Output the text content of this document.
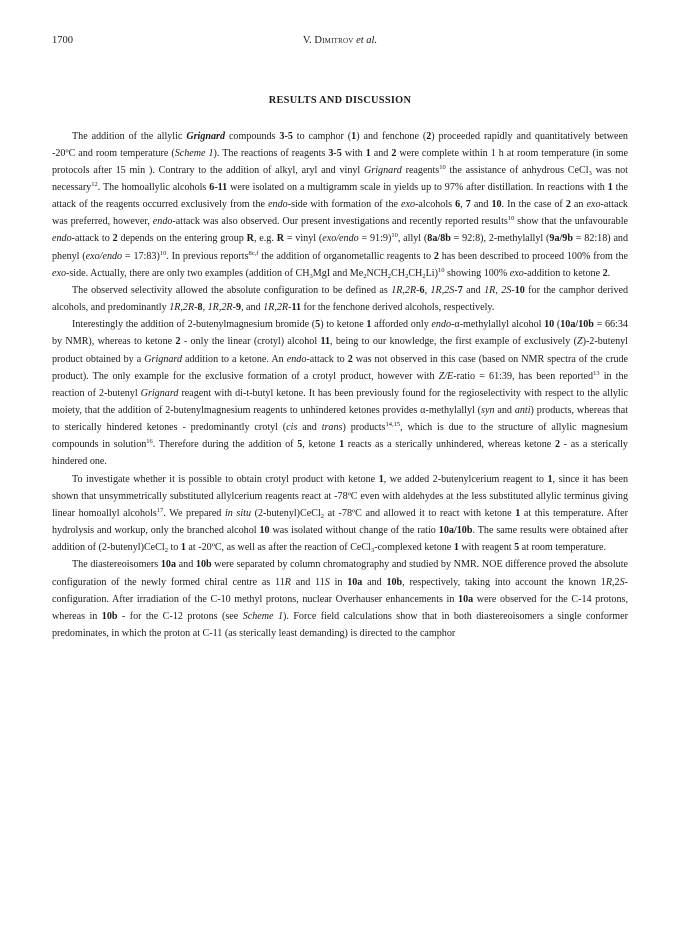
1700	V. Dimitrov et al.
RESULTS AND DISCUSSION

The addition of the allylic Grignard compounds 3-5 to camphor (1) and fenchone (2) proceeded rapidly and quantitatively between -20ºC and room temperature (Scheme 1). The reactions of reagents 3-5 with 1 and 2 were complete within 1 h at room temperature (in some protocols after 15 min ). Contrary to the addition of alkyl, aryl and vinyl Grignard reagents$^{10}$ the assistance of anhydrous CeCl$_3$ was not necessary$^{12}$. The homoallylic alcohols 6-11 were isolated on a multigramm scale in yields up to 97% after distillation. In reactions with 1 the attack of the reagents occurred exclusively from the endo-side with formation of the exo-alcohols 6, 7 and 10. In the case of 2 an exo-attack was preferred, however, endo-attack was also observed. Our present investigations and recently reported results$^{10}$ show that the unfavourable endo-attack to 2 depends on the entering group R, e.g. R = vinyl (exo/endo = 91:9)$^{10}$, allyl (8a/8b = 92:8), 2-methylallyl (9a/9b = 82:18) and phenyl (exo/endo = 17:83)$^{10}$. In previous reports$^{8c,f}$ the addition of organometallic reagents to 2 has been described to proceed 100% from the exo-side. Actually, there are only two examples (addition of $CH_3MgI$ and $Me_2NCH_2CH_2CH_2Li)^{10}$ showing 100% exo-addition to ketone 2.

The observed selectivity allowed the absolute configuration to be defined as 1R,2R-6, 1R,2S-7 and 1R, 2S-10 for the camphor derived alcohols, and predominantly 1R,2R-8, 1R,2R-9, and 1R,2R-11 for the fenchone derived alcohols, respectively.

Interestingly the addition of 2-butenylmagnesium bromide (5) to ketone 1 afforded only endo-α-methylallyl alcohol 10 (10a/10b = 66:34 by NMR), whereas to ketone 2 - only the linear (crotyl) alcohol 11, being to our knowledge, the first example of exclusively (Z)-2-butenyl product obtained by a Grignard addition to a ketone. An endo-attack to 2 was not observed in this case (based on NMR spectra of the crude product). The only example for the exclusive formation of a crotyl product, however with Z/E-ratio = 61:39, has been reported$^{13}$ in the reaction of 2-butenyl Grignard reagent with di-t-butyl ketone. It has been previously found for the regioselectivity with respect to the allylic moiety, that the addition of 2-butenylmagnesium reagents to unhindered ketones provides α-methylallyl (syn and anti) products, whereas that to sterically hindered ketones - predominantly crotyl (cis and trans) products$^{14,15}$, which is due to the structure of allylic magnesium compounds in solution$^{16}$. Therefore during the addition of 5, ketone 1 reacts as a sterically unhindered, whereas ketone 2 - as a sterically hindered one.

To investigate whether it is possible to obtain crotyl product with ketone 1, we added 2-butenylcerium reagent to 1, since it has been shown that unsymmetrically substituted allylcerium reagents react at -78ºC even with aldehydes at the less substituted allylic terminus giving linear homoallyl alcohols$^{17}$. We prepared in situ (2-butenyl)CeCl$_2$ at -78ºC and allowed it to react with ketone 1 at this temperature. After hydrolysis and workup, only the branched alcohol 10 was isolated without change of the ratio 10a/10b. The same results were obtained after addition of (2-butenyl)CeCl$_2$ to 1 at -20ºC, as well as after the reaction of CeCl$_3$-complexed ketone 1 with reagent 5 at room temperature.

The diastereoisomers 10a and 10b were separated by column chromatography and studied by NMR. NOE difference proved the absolute configuration of the newly formed chiral centre as 11R and 11S in 10a and 10b, respectively, taking into account the known 1R,2S-configuration. After irradiation of the C-10 methyl protons, nuclear Overhauser enhancements in 10a were observed for the C-14 protons, whereas in 10b - for the C-12 protons (see Scheme 1). Force field calculations show that in both diastereoisomers a single conformer predominates, in which the proton at C-11 (as sterically least demanding) is directed to the camphor
